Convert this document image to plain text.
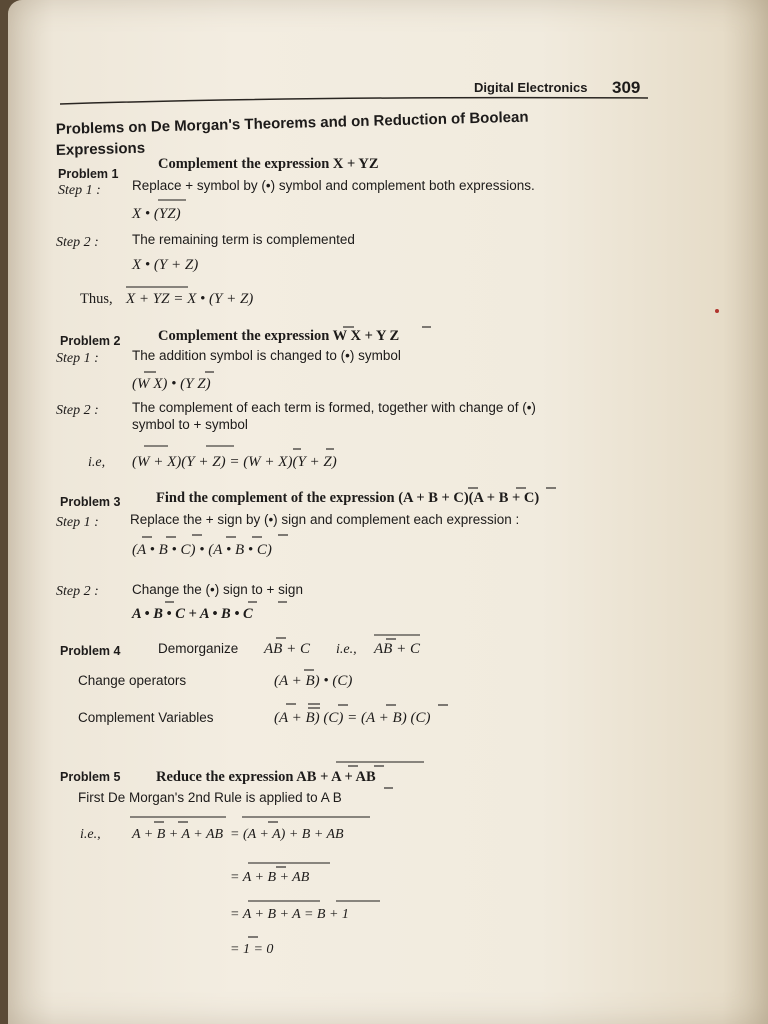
Digital Electronics 309
Problems on De Morgan's Theorems and on Reduction of Boolean
Expressions
Problem 1
Complement the expression X + YZ
Step 1 : Replace + symbol by (•) symbol and complement both expressions.
X • (YZ)
Step 2 : The remaining term is complemented
X • (Y + Z)
Thus, X + YZ = X • (Y + Z)
Problem 2	Complement the expression W X + Y Z
Step 1 : The addition symbol is changed to (•) symbol
(W X) • (Y Z)
Step 2 : The complement of each term is formed, together with change of (•)
symbol to + symbol
i.e, (W + X)(Y + Z) = (W + X)(Y + Z)
Problem 3 Find the complement of the expression (A + B + C)(A + B + C)
Step 1 : Replace the + sign by (•) sign and complement each expression :
(A • B • C) • (A • B • C)
Step 2 : Change the (•) sign to + sign
A • B • C + A • B • C
Problem 4	Demorganize AB + C i.e., AB + C
Change operators	(A + B) • (C)
Complement Variables	(A + B) (C) = (A + B) (C)
Problem 5 Reduce the expression AB + A + AB
First De Morgan's 2nd Rule is applied to A B
i.e., A + B + A + AB = (A + A) + B + AB
= A + B + AB
= A + B + A = B + 1
= 1 = 0
